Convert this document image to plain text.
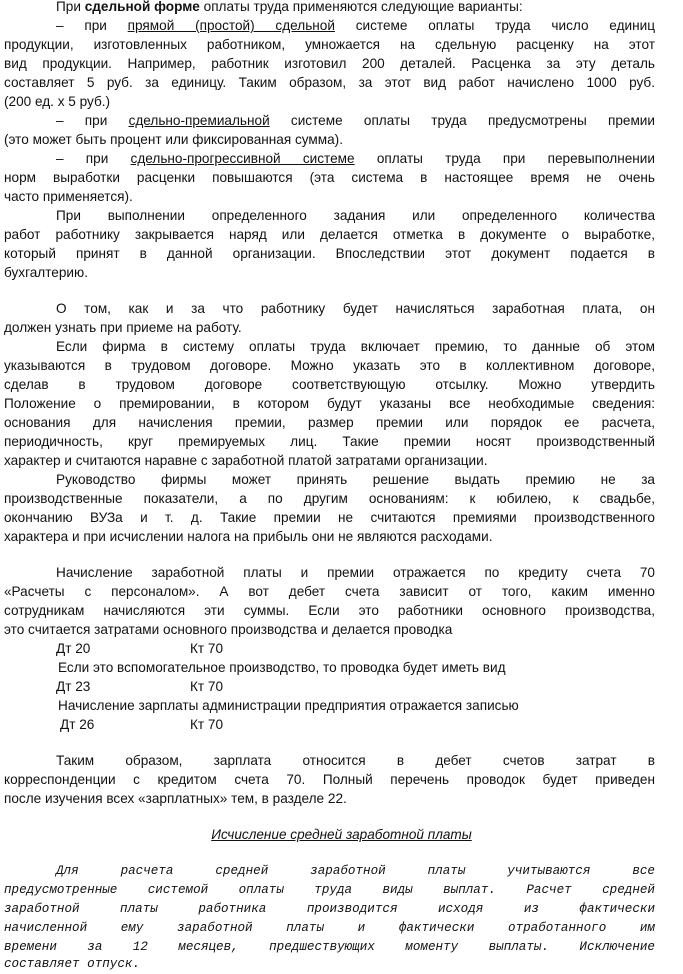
При сдельной форме оплаты труда применяются следующие варианты:
– при прямой (простой) сдельной системе оплаты труда число единиц
продукции, изготовленных работником, умножается на сдельную расценку на этот
вид продукции. Например, работник изготовил 200 деталей. Расценка за эту деталь
составляет 5 руб. за единицу. Таким образом, за этот вид работ начислено 1000 руб.
(200 ед. х 5 руб.)
– при сдельно-премиальной системе оплаты труда предусмотрены премии
(это может быть процент или фиксированная сумма).
– при сдельно-прогрессивной системе оплаты труда при перевыполнении
норм выработки расценки повышаются (эта система в настоящее время не очень
часто применяется).
При выполнении определенного задания или определенного количества
работ работнику закрывается наряд или делается отметка в документе о выработке,
который принят в данной организации. Впоследствии этот документ подается в
бухгалтерию.
О том, как и за что работнику будет начисляться заработная плата, он
должен узнать при приеме на работу.
Если фирма в систему оплаты труда включает премию, то данные об этом
указываются в трудовом договоре. Можно указать это в коллективном договоре,
сделав в трудовом договоре соответствующую отсылку. Можно утвердить
Положение о премировании, в котором будут указаны все необходимые сведения:
основания для начисления премии, размер премии или порядок ее расчета,
периодичность, круг премируемых лиц. Такие премии носят производственный
характер и считаются наравне с заработной платой затратами организации.
Руководство фирмы может принять решение выдать премию не за
производственные показатели, а по другим основаниям: к юбилею, к свадьбе,
окончанию ВУЗа и т. д. Такие премии не считаются премиями производственного
характера и при исчислении налога на прибыль они не являются расходами.
Начисление заработной платы и премии отражается по кредиту счета 70
«Расчеты с персоналом». А вот дебет счета зависит от того, каким именно
сотрудникам начисляются эти суммы. Если это работники основного производства,
это считается затратами основного производства и делается проводка
Дт 20	Кт 70
Если это вспомогательное производство, то проводка будет иметь вид
Дт 23	Кт 70
Начисление зарплаты администрации предприятия отражается записью
Дт 26	Кт 70
Таким образом, зарплата относится в дебет счетов затрат в
корреспонденции с кредитом счета 70. Полный перечень проводок будет приведен
после изучения всех «зарплатных» тем, в разделе 22.
Исчисление средней заработной платы
Для расчета средней заработной платы учитываются все
предусмотренные системой оплаты труда виды выплат. Расчет средней
заработной платы работника производится исходя из фактически
начисленной ему заработной платы и фактически отработанного им
времени за 12 месяцев, предшествующих моменту выплаты. Исключение
составляет отпуск.
